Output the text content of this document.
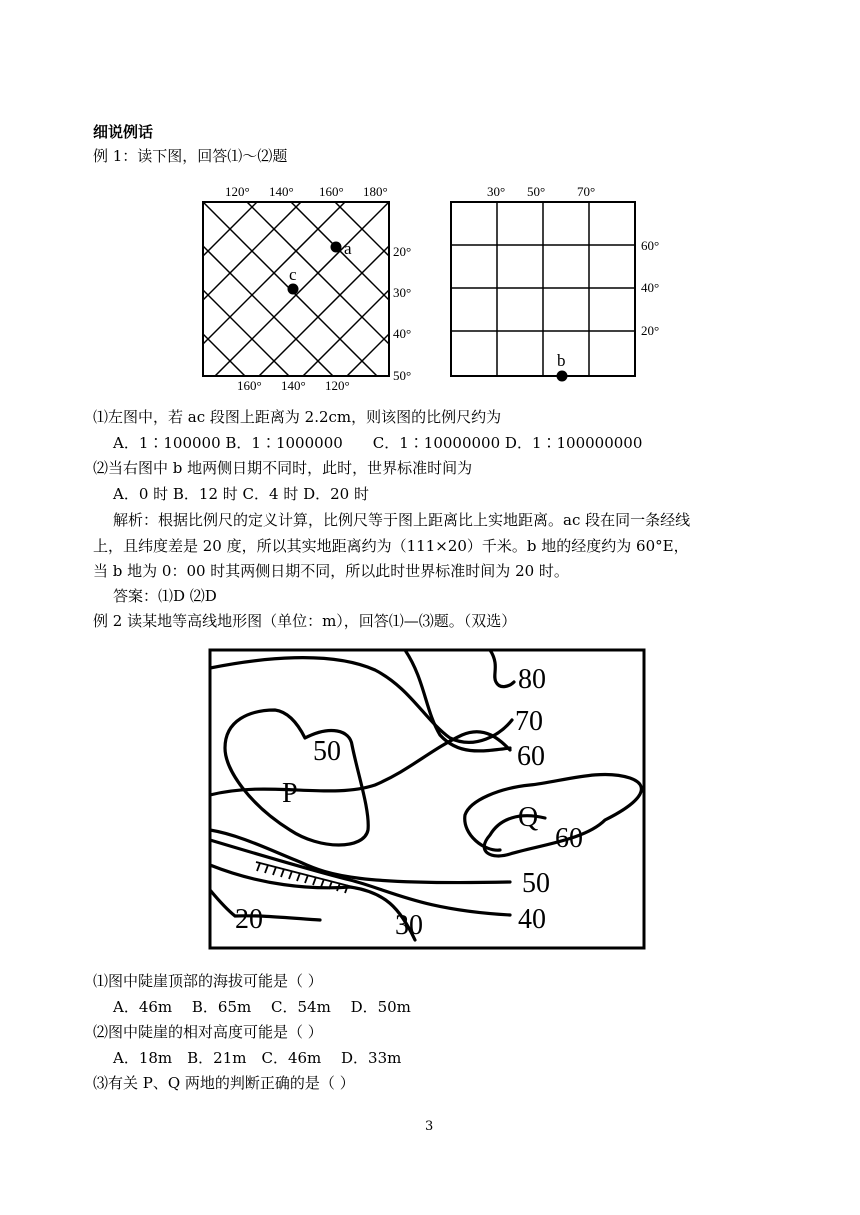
细说例话
例 1：读下图，回答⑴～⑵题
120° 140° 160° 180°
160° 140° 120°
20°
30°
40°
50°
a
c
30° 50° 70°
60°
40°
20°
b
⑴左图中，若 ac 段图上距离为 2.2cm，则该图的比例尺约为
A．1∶100000 B．1∶1000000　　C．1∶10000000 D．1∶100000000
⑵当右图中 b 地两侧日期不同时，此时，世界标准时间为
A．0 时 B．12 时 C．4 时 D．20 时
解析：根据比例尺的定义计算，比例尺等于图上距离比上实地距离。ac 段在同一条经线
上，且纬度差是 20 度，所以其实地距离约为（111×20）千米。b 地的经度约为 60°E，
当 b 地为 0：00 时其两侧日期不同，所以此时世界标准时间为 20 时。
答案：⑴D ⑵D
例 2 读某地等高线地形图（单位：m），回答⑴—⑶题。（双选）
80
70
60
50
60
50
40
30
20
P
Q
⑴图中陡崖顶部的海拔可能是（ ）
A．46m　 B．65m　 C．54m　 D．50m
⑵图中陡崖的相对高度可能是（ ）
A．18m　B．21m　C．46m　 D．33m
⑶有关 P、Q 两地的判断正确的是（ ）
3
